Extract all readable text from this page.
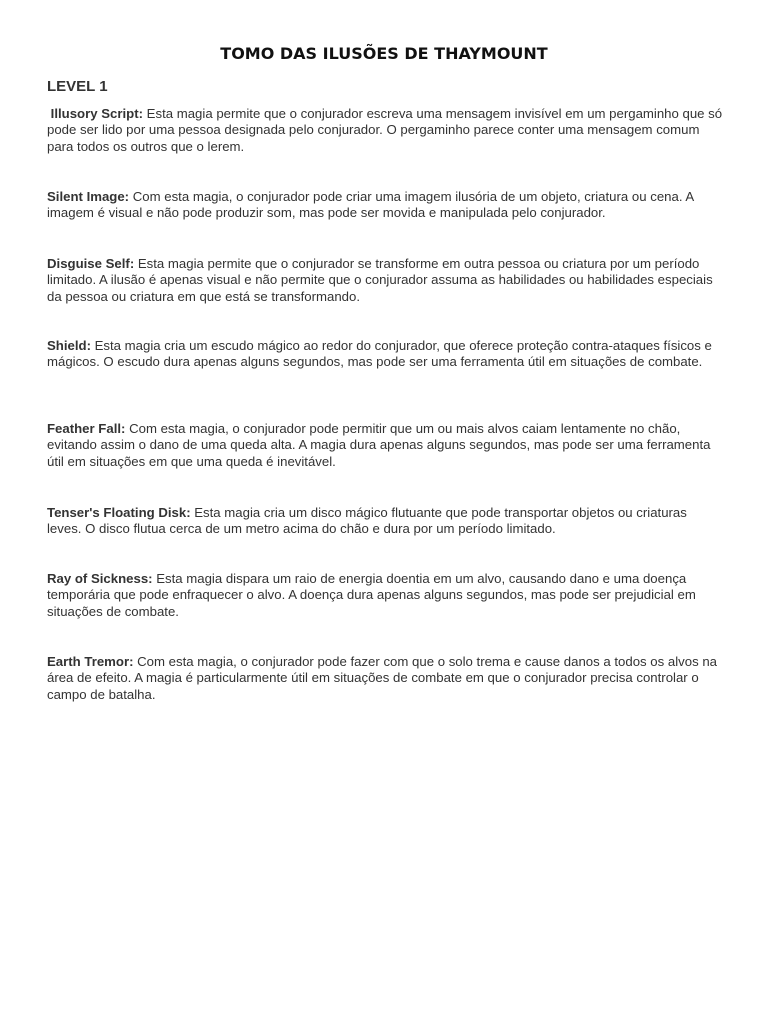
TOMO DAS ILUSÕES DE THAYMOUNT
LEVEL 1

Illusory Script: Esta magia permite que o conjurador escreva uma mensagem invisível em um pergaminho que só pode ser lido por uma pessoa designada pelo conjurador. O pergaminho parece conter uma mensagem comum para todos os outros que o lerem.

Silent Image: Com esta magia, o conjurador pode criar uma imagem ilusória de um objeto, criatura ou cena. A imagem é visual e não pode produzir som, mas pode ser movida e manipulada pelo conjurador.

Disguise Self: Esta magia permite que o conjurador se transforme em outra pessoa ou criatura por um período limitado. A ilusão é apenas visual e não permite que o conjurador assuma as habilidades ou habilidades especiais da pessoa ou criatura em que está se transformando.

Shield: Esta magia cria um escudo mágico ao redor do conjurador, que oferece proteção contra-ataques físicos e mágicos. O escudo dura apenas alguns segundos, mas pode ser uma ferramenta útil em situações de combate.

Feather Fall: Com esta magia, o conjurador pode permitir que um ou mais alvos caiam lentamente no chão, evitando assim o dano de uma queda alta. A magia dura apenas alguns segundos, mas pode ser uma ferramenta útil em situações em que uma queda é inevitável.

Tenser's Floating Disk: Esta magia cria um disco mágico flutuante que pode transportar objetos ou criaturas leves. O disco flutua cerca de um metro acima do chão e dura por um período limitado.

Ray of Sickness: Esta magia dispara um raio de energia doentia em um alvo, causando dano e uma doença temporária que pode enfraquecer o alvo. A doença dura apenas alguns segundos, mas pode ser prejudicial em situações de combate.

Earth Tremor: Com esta magia, o conjurador pode fazer com que o solo trema e cause danos a todos os alvos na área de efeito. A magia é particularmente útil em situações de combate em que o conjurador precisa controlar o campo de batalha.
